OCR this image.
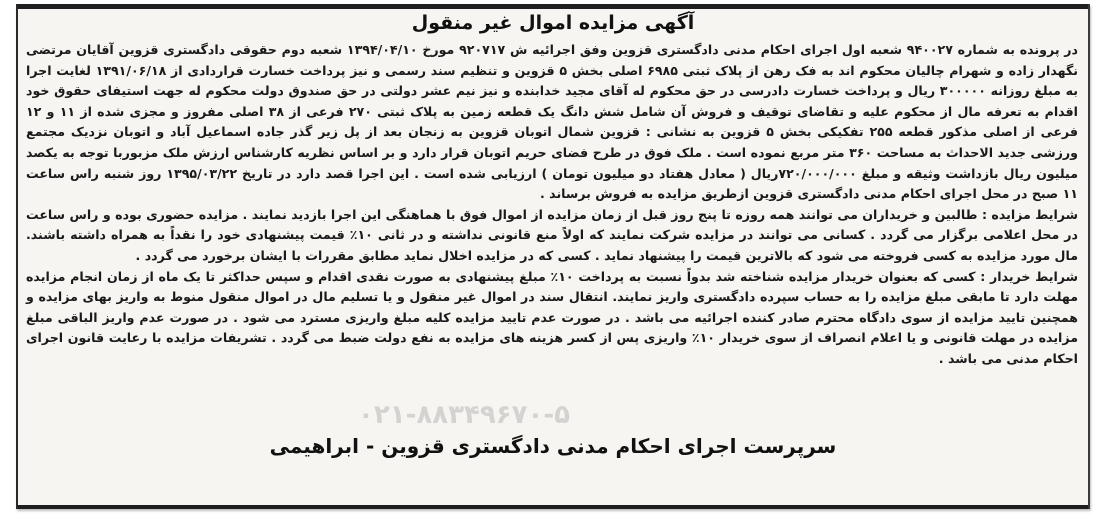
آگهی مزایده اموال غیر منقول

در پرونده به شماره ۹۴۰۰۲۷ شعبه اول اجرای احکام مدنی دادگستری قزوین وفق اجرائیه ش ۹۲۰۷۱۷ مورخ ۱۳۹۴/۰۴/۱۰ شعبه دوم حقوقی دادگستری قزوین آقایان مرتضی نگهدار زاده و شهرام چالیان محکوم اند به فک رهن از پلاک ثبتی ۶۹۸۵ اصلی بخش ۵ قزوین و تنظیم سند رسمی و نیز پرداخت خسارت قراردادی از ۱۳۹۱/۰۶/۱۸ لغایت اجرا به مبلغ روزانه ۳۰۰۰۰۰ ریال و پرداخت خسارت دادرسی در حق محکوم له آقای مجید خدابنده و نیز نیم عشر دولتی در حق صندوق دولت محکوم له جهت استیفای حقوق خود اقدام به تعرفه مال از محکوم علیه و تقاضای توقیف و فروش آن شامل شش دانگ یک قطعه زمین به پلاک ثبتی ۲۷۰ فرعی از ۳۸ اصلی مفروز و مجزی شده از ۱۱ و ۱۲ فرعی از اصلی مذکور قطعه ۲۵۵ تفکیکی بخش ۵ قزوین به نشانی : قزوین شمال اتوبان قزوین به زنجان بعد از پل زیر گذر جاده اسماعیل آباد و اتوبان نزدیک مجتمع ورزشی جدید الاحداث به مساحت ۳۶۰ متر مربع نموده است . ملک فوق در طرح فضای حریم اتوبان قرار دارد و بر اساس نظریه کارشناس ارزش ملک مزبوربا توجه به یکصد میلیون ریال بازداشت وثیقه و مبلغ ۷۲۰/۰۰۰/۰۰۰ریال ( معادل هفتاد دو میلیون تومان ) ارزیابی شده است . این اجرا قصد دارد در تاریخ ۱۳۹۵/۰۳/۲۲ روز شنبه راس ساعت ۱۱ صبح در محل اجرای احکام مدنی دادگستری قزوین ازطریق مزایده به فروش برساند .

شرایط مزایده : طالبین و خریداران می توانند همه روزه تا پنج روز قبل از زمان مزایده از اموال فوق با هماهنگی این اجرا بازدید نمایند . مزایده حضوری بوده و راس ساعت در محل اعلامی برگزار می گردد . کسانی می توانند در مزایده شرکت نمایند که اولاً منع قانونی نداشته و در ثانی ۱۰٪ قیمت پیشنهادی خود را نقداً به همراه داشته باشند. مال مورد مزایده به کسی فروخته می شود که بالاترین قیمت را پیشنهاد نماید . کسی که در مزایده اخلال نماید مطابق مقررات با ایشان برخورد می گردد .

شرایط خریدار : کسی که بعنوان خریدار مزایده شناخته شد بدواً نسبت به پرداخت ۱۰٪ مبلغ پیشنهادی به صورت نقدی اقدام و سپس حداکثر تا یک ماه از زمان انجام مزایده مهلت دارد تا مابقی مبلغ مزایده را به حساب سپرده دادگستری واریز نمایند. انتقال سند در اموال غیر منقول و یا تسلیم مال در اموال منقول منوط به واریز بهای مزایده و همچنین تایید مزایده از سوی دادگاه محترم صادر کننده اجرائیه می باشد . در صورت عدم تایید مزایده کلیه مبلغ واریزی مسترد می شود . در صورت عدم واریز الباقی مبلغ مزایده در مهلت قانونی و یا اعلام انصراف از سوی خریدار ۱۰٪ واریزی پس از کسر هزینه های مزایده به نفع دولت ضبط می گردد . تشریفات مزایده با رعایت قانون اجرای احکام مدنی می باشد .

۰۲۱-۸۸۳۴۹۶۷۰-۵
سرپرست اجرای احکام مدنی دادگستری قزوین - ابراهیمی
